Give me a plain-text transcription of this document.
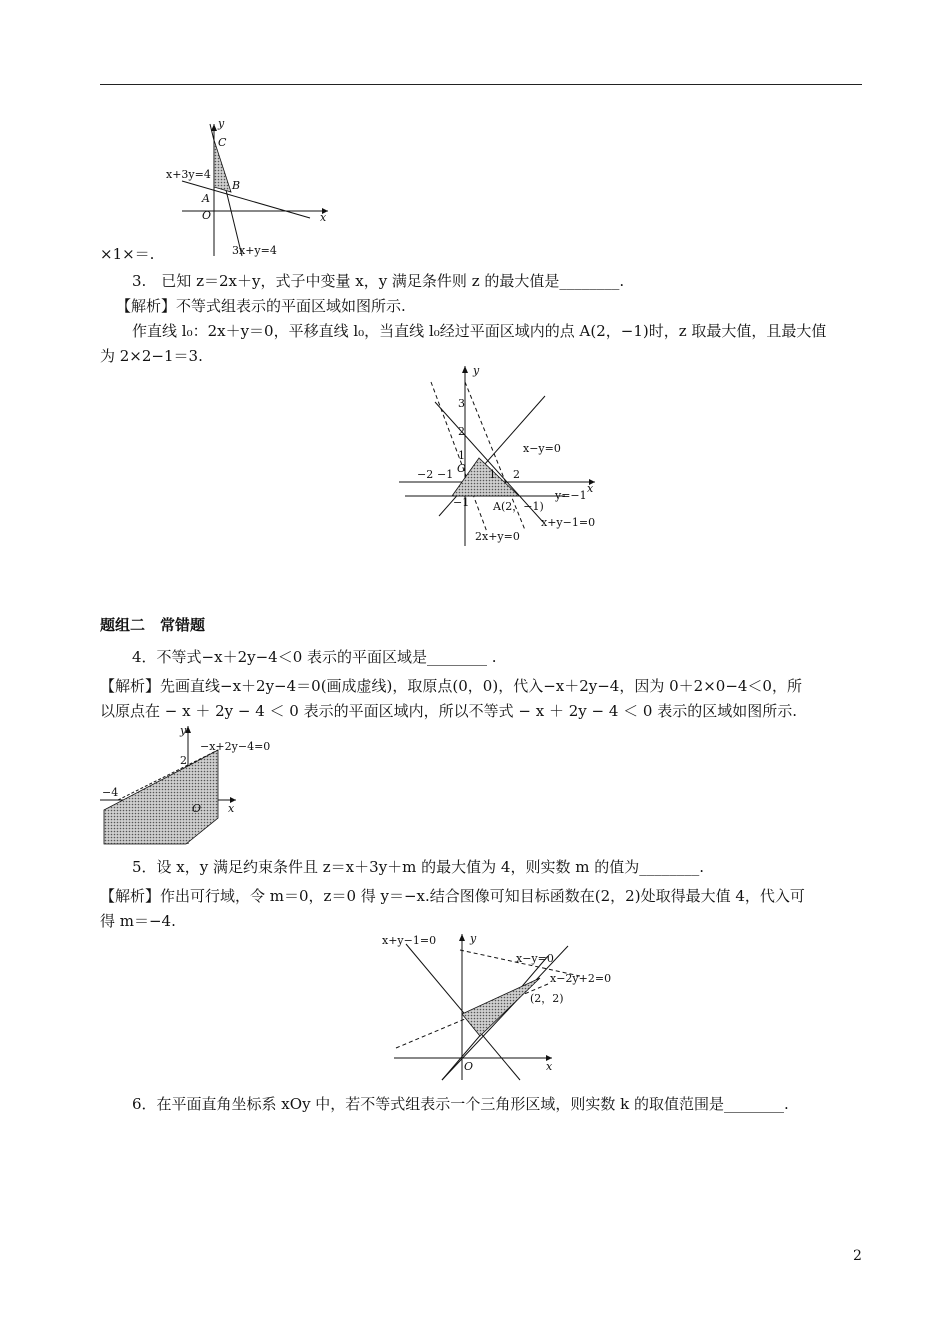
y
x
C
B
A
O
x+3y=4
3x+y=4
×1×＝.
3.　已知 z＝2x＋y，式子中变量 x，y 满足条件则 z 的最大值是________.
【解析】不等式组表示的平面区域如图所示.
作直线 l₀：2x＋y＝0，平移直线 l₀，当直线 l₀经过平面区域内的点 A(2，−1)时，z 取最大值，且最大值
为 2×2−1＝3.
y
x
O
3
2
1
−2 −1	1 2
−1
x−y=0
y=−1
A(2，−1)
x+y−1=0
2x+y=0
题组二　常错题
4．不等式−x＋2y−4＜0 表示的平面区域是________ .
【解析】先画直线−x＋2y−4＝0(画成虚线)，取原点(0，0)，代入−x＋2y−4，因为 0＋2×0−4＜0，所
以原点在 − x ＋ 2y − 4 ＜ 0 表示的平面区域内，所以不等式 − x ＋ 2y − 4 ＜ 0 表示的区域如图所示.
y
x
O
2
−4
−x+2y−4=0
5．设 x，y 满足约束条件且 z＝x＋3y＋m 的最大值为 4，则实数 m 的值为________.
【解析】作出可行域，令 m＝0，z＝0 得 y＝−x.结合图像可知目标函数在(2，2)处取得最大值 4，代入可
得 m＝−4.
y
x
O
x+y−1=0
x−y=0
x−2y+2=0
(2，2)
6．在平面直角坐标系 xOy 中，若不等式组表示一个三角形区域，则实数 k 的取值范围是________.
2
